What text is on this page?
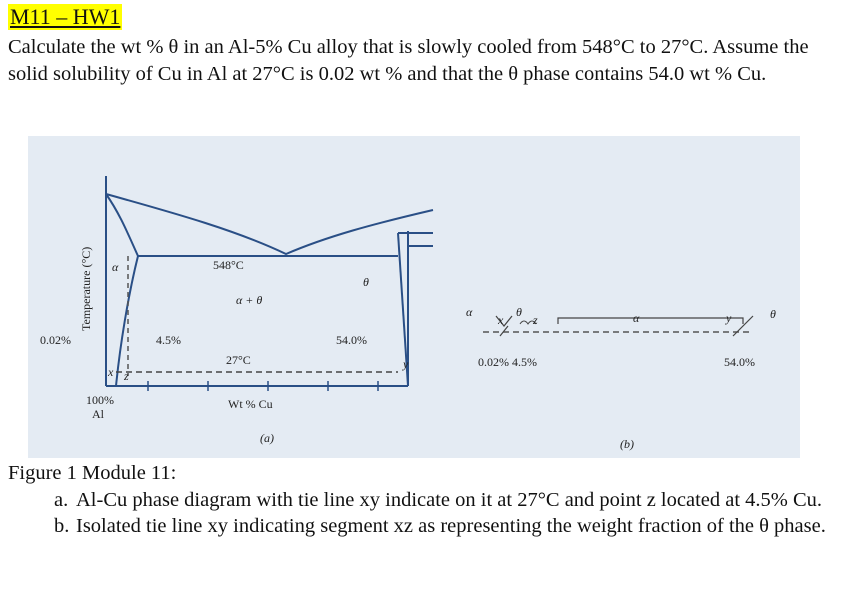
M11 – HW1
Calculate the wt % θ in an Al-5% Cu alloy that is slowly cooled from 548°C to 27°C. Assume the solid solubility of Cu in Al at 27°C is 0.02 wt % and that the θ phase contains 54.0 wt % Cu.
Temperature (°C)	548°C
α
α + θ
θ
0.02%	4.5%
27°C
54.0%
x z
y
100%
Al
Wt % Cu
(a)
α
x
θ
z	α	y	θ
0.02% 4.5%	54.0%
(b)
Figure 1 Module 11:
a. Al-Cu phase diagram with tie line xy indicate on it at 27°C and point z located at 4.5% Cu.
b. Isolated tie line xy indicating segment xz as representing the weight fraction of the θ phase.
